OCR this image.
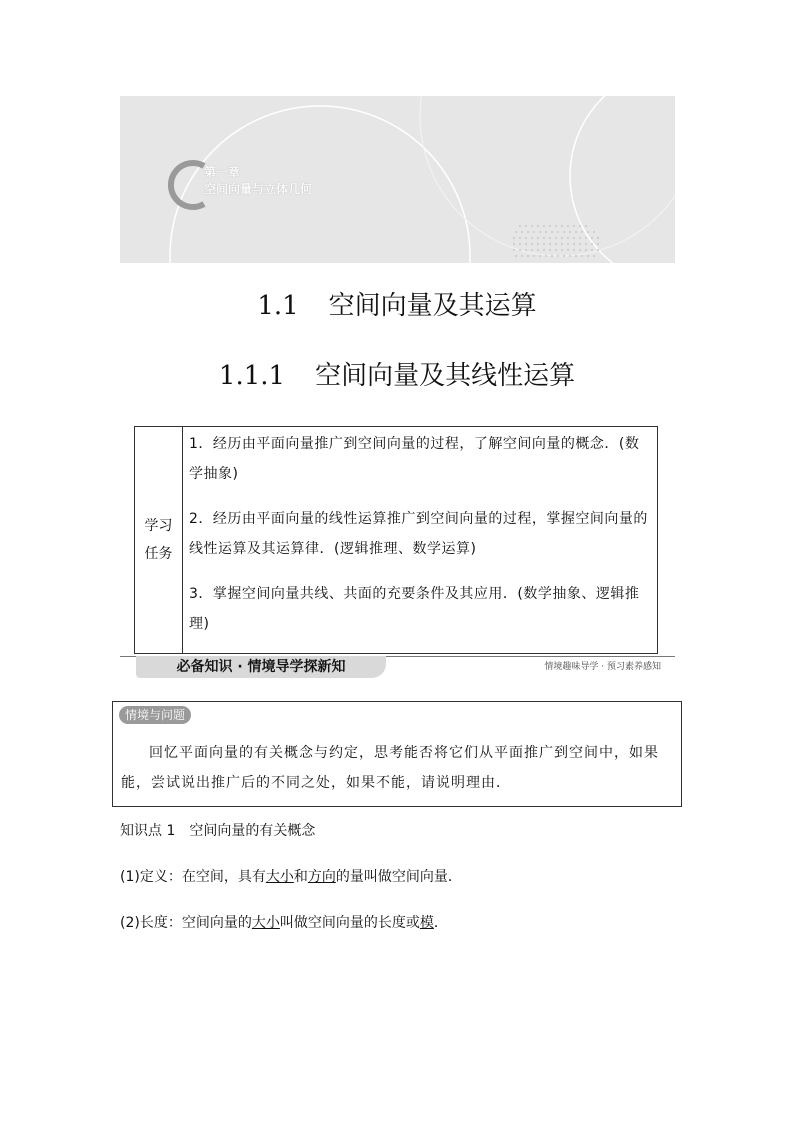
第一章
空间向量与立体几何
1.1 空间向量及其运算
1.1.1 空间向量及其线性运算
学习任务
1．经历由平面向量推广到空间向量的过程，了解空间向量的概念．(数学抽象)
2．经历由平面向量的线性运算推广到空间向量的过程，掌握空间向量的线性运算及其运算律．(逻辑推理、数学运算)
3．掌握空间向量共线、共面的充要条件及其应用．(数学抽象、逻辑推理)
必备知识 · 情境导学探新知	情境趣味导学 · 预习素养感知
情境与问题
回忆平面向量的有关概念与约定，思考能否将它们从平面推广到空间中，如果能，尝试说出推广后的不同之处，如果不能，请说明理由．
知识点 1 空间向量的有关概念
(1)定义：在空间，具有大小和方向的量叫做空间向量．
(2)长度：空间向量的大小叫做空间向量的长度或模．
